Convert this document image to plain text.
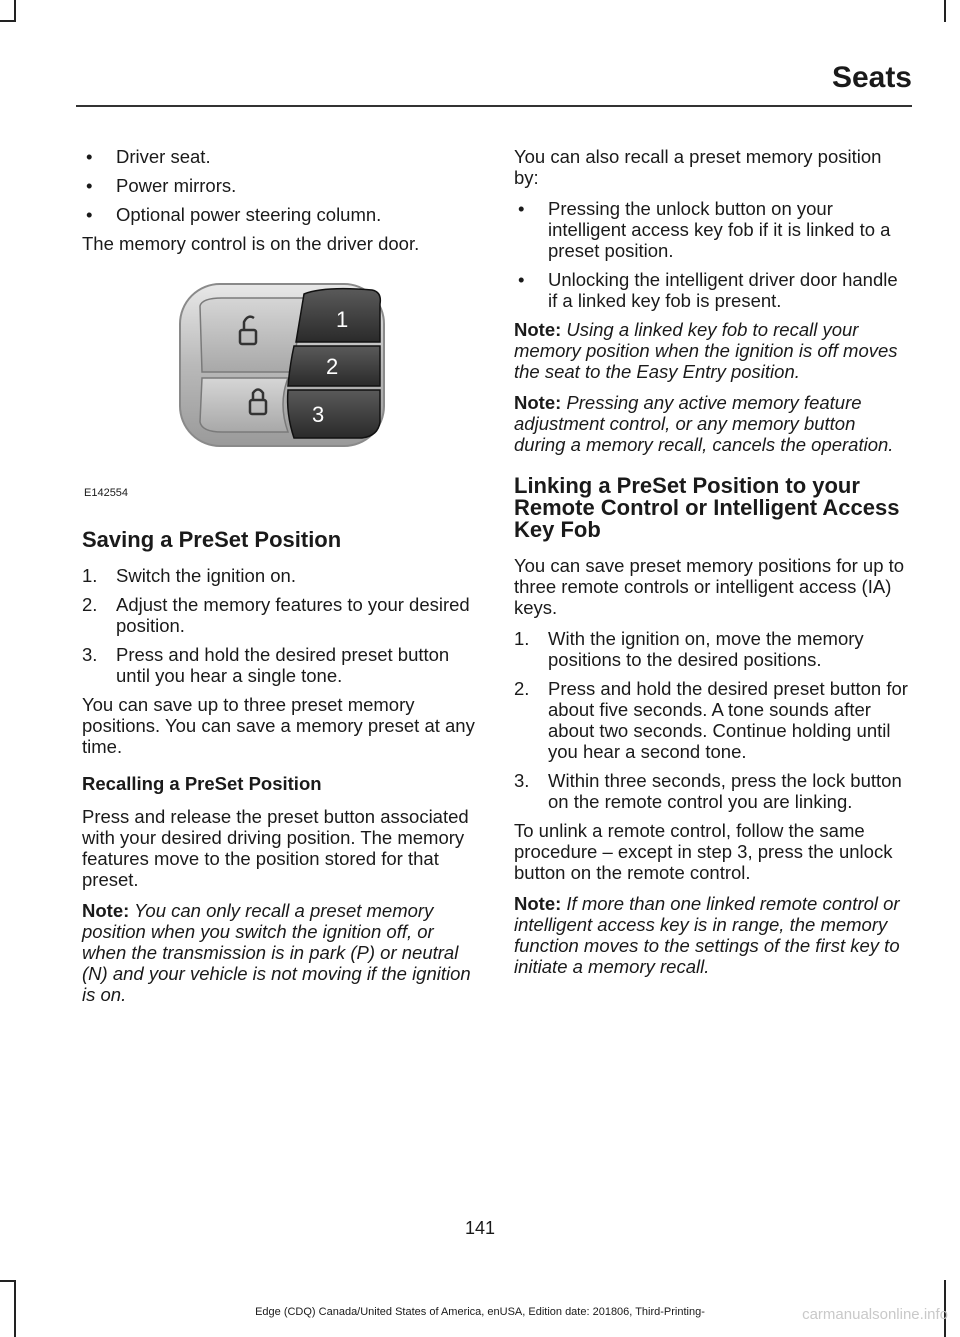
Seats
• Driver seat.
• Power mirrors.
• Optional power steering column.

The memory control is on the driver door.

1
2
3
E142554
Saving a PreSet Position
1. Switch the ignition on.
2. Adjust the memory features to your desired position.
3. Press and hold the desired preset button until you hear a single tone.

You can save up to three preset memory positions. You can save a memory preset at any time.

Recalling a PreSet Position

Press and release the preset button associated with your desired driving position. The memory features move to the position stored for that preset.

Note: You can only recall a preset memory position when you switch the ignition off, or when the transmission is in park (P) or neutral (N) and your vehicle is not moving if the ignition is on.

You can also recall a preset memory position by:

• Pressing the unlock button on your intelligent access key fob if it is linked to a preset position.
• Unlocking the intelligent driver door handle if a linked key fob is present.

Note: Using a linked key fob to recall your memory position when the ignition is off moves the seat to the Easy Entry position.

Note: Pressing any active memory feature adjustment control, or any memory button during a memory recall, cancels the operation.

Linking a PreSet Position to your Remote Control or Intelligent Access Key Fob

You can save preset memory positions for up to three remote controls or intelligent access (IA) keys.

1. With the ignition on, move the memory positions to the desired positions.
2. Press and hold the desired preset button for about five seconds. A tone sounds after about two seconds. Continue holding until you hear a second tone.
3. Within three seconds, press the lock button on the remote control you are linking.

To unlink a remote control, follow the same procedure – except in step 3, press the unlock button on the remote control.

Note: If more than one linked remote control or intelligent access key is in range, the memory function moves to the settings of the first key to initiate a memory recall.

141
Edge (CDQ) Canada/United States of America, enUSA, Edition date: 201806, Third-Printing-	carmanualsonline.info
